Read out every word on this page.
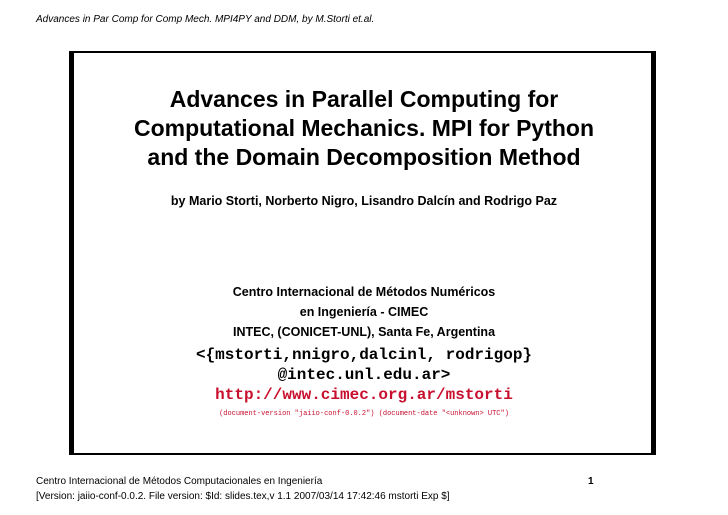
Advances in Par Comp for Comp Mech. MPI4PY and DDM, by M.Storti et.al.
Advances in Parallel Computing for
Computational Mechanics. MPI for Python
and the Domain Decomposition Method
by Mario Storti, Norberto Nigro, Lisandro Dalcín and Rodrigo Paz
Centro Internacional de Métodos Numéricos
en Ingeniería - CIMEC
INTEC, (CONICET-UNL), Santa Fe, Argentina
<{mstorti,nnigro,dalcinl, rodrigop}
@intec.unl.edu.ar>
http://www.cimec.org.ar/mstorti
(document-version "jaiio-conf-0.0.2") (document-date "<unknown> UTC")
Centro Internacional de Métodos Computacionales en Ingeniería	1
[Version: jaiio-conf-0.0.2. File version: $Id: slides.tex,v 1.1 2007/03/14 17:42:46 mstorti Exp $]
